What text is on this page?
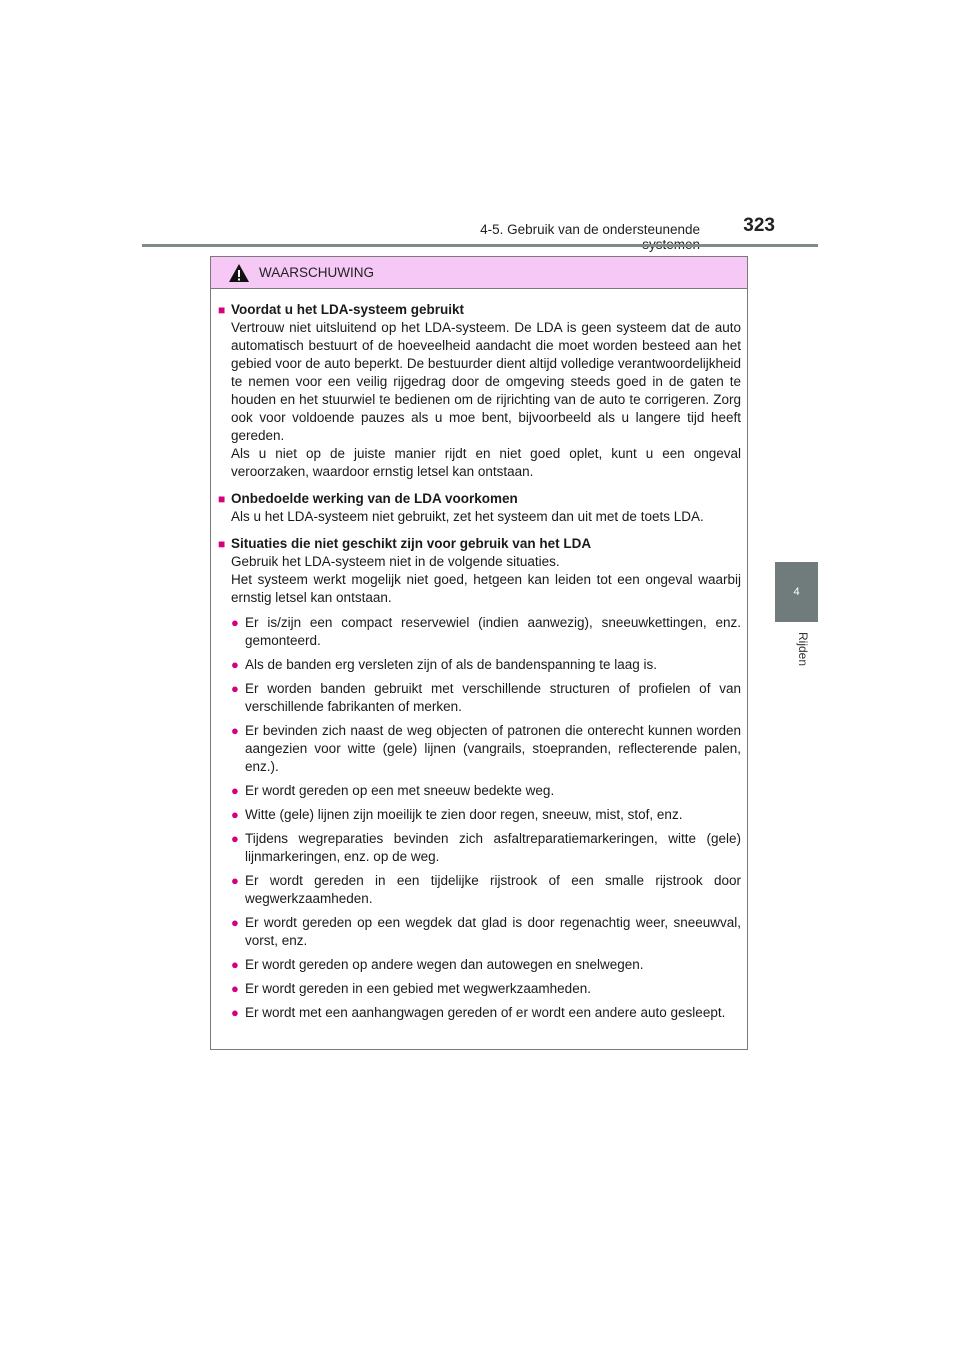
4-5. Gebruik van de ondersteunende	323
4
Rijden
WAARSCHUWING
■ Voordat u het LDA-systeem gebruikt
Vertrouw niet uitsluitend op het LDA-systeem. De LDA is geen systeem dat de auto automatisch bestuurt of de hoeveelheid aandacht die moet worden besteed aan het gebied voor de auto beperkt. De bestuurder dient altijd volledige verantwoordelijkheid te nemen voor een veilig rijgedrag door de omgeving steeds goed in de gaten te houden en het stuurwiel te bedienen om de rijrichting van de auto te corrigeren. Zorg ook voor voldoende pauzes als u moe bent, bijvoorbeeld als u langere tijd heeft gereden.
Als u niet op de juiste manier rijdt en niet goed oplet, kunt u een ongeval veroorzaken, waardoor ernstig letsel kan ontstaan.
■ Onbedoelde werking van de LDA voorkomen
Als u het LDA-systeem niet gebruikt, zet het systeem dan uit met de toets LDA.
■ Situaties die niet geschikt zijn voor gebruik van het LDA
Gebruik het LDA-systeem niet in de volgende situaties.
Het systeem werkt mogelijk niet goed, hetgeen kan leiden tot een ongeval waarbij ernstig letsel kan ontstaan.
● Er is/zijn een compact reservewiel (indien aanwezig), sneeuwkettingen, enz. gemonteerd.
● Als de banden erg versleten zijn of als de bandenspanning te laag is.
● Er worden banden gebruikt met verschillende structuren of profielen of van verschillende fabrikanten of merken.
● Er bevinden zich naast de weg objecten of patronen die onterecht kunnen worden aangezien voor witte (gele) lijnen (vangrails, stoepranden, reflecterende palen, enz.).
● Er wordt gereden op een met sneeuw bedekte weg.
● Witte (gele) lijnen zijn moeilijk te zien door regen, sneeuw, mist, stof, enz.
● Tijdens wegreparaties bevinden zich asfaltreparatiemarkeringen, witte (gele) lijnmarkeringen, enz. op de weg.
● Er wordt gereden in een tijdelijke rijstrook of een smalle rijstrook door wegwerkzaamheden.
● Er wordt gereden op een wegdek dat glad is door regenachtig weer, sneeuwval, vorst, enz.
● Er wordt gereden op andere wegen dan autowegen en snelwegen.
● Er wordt gereden in een gebied met wegwerkzaamheden.
● Er wordt met een aanhangwagen gereden of er wordt een andere auto gesleept.
